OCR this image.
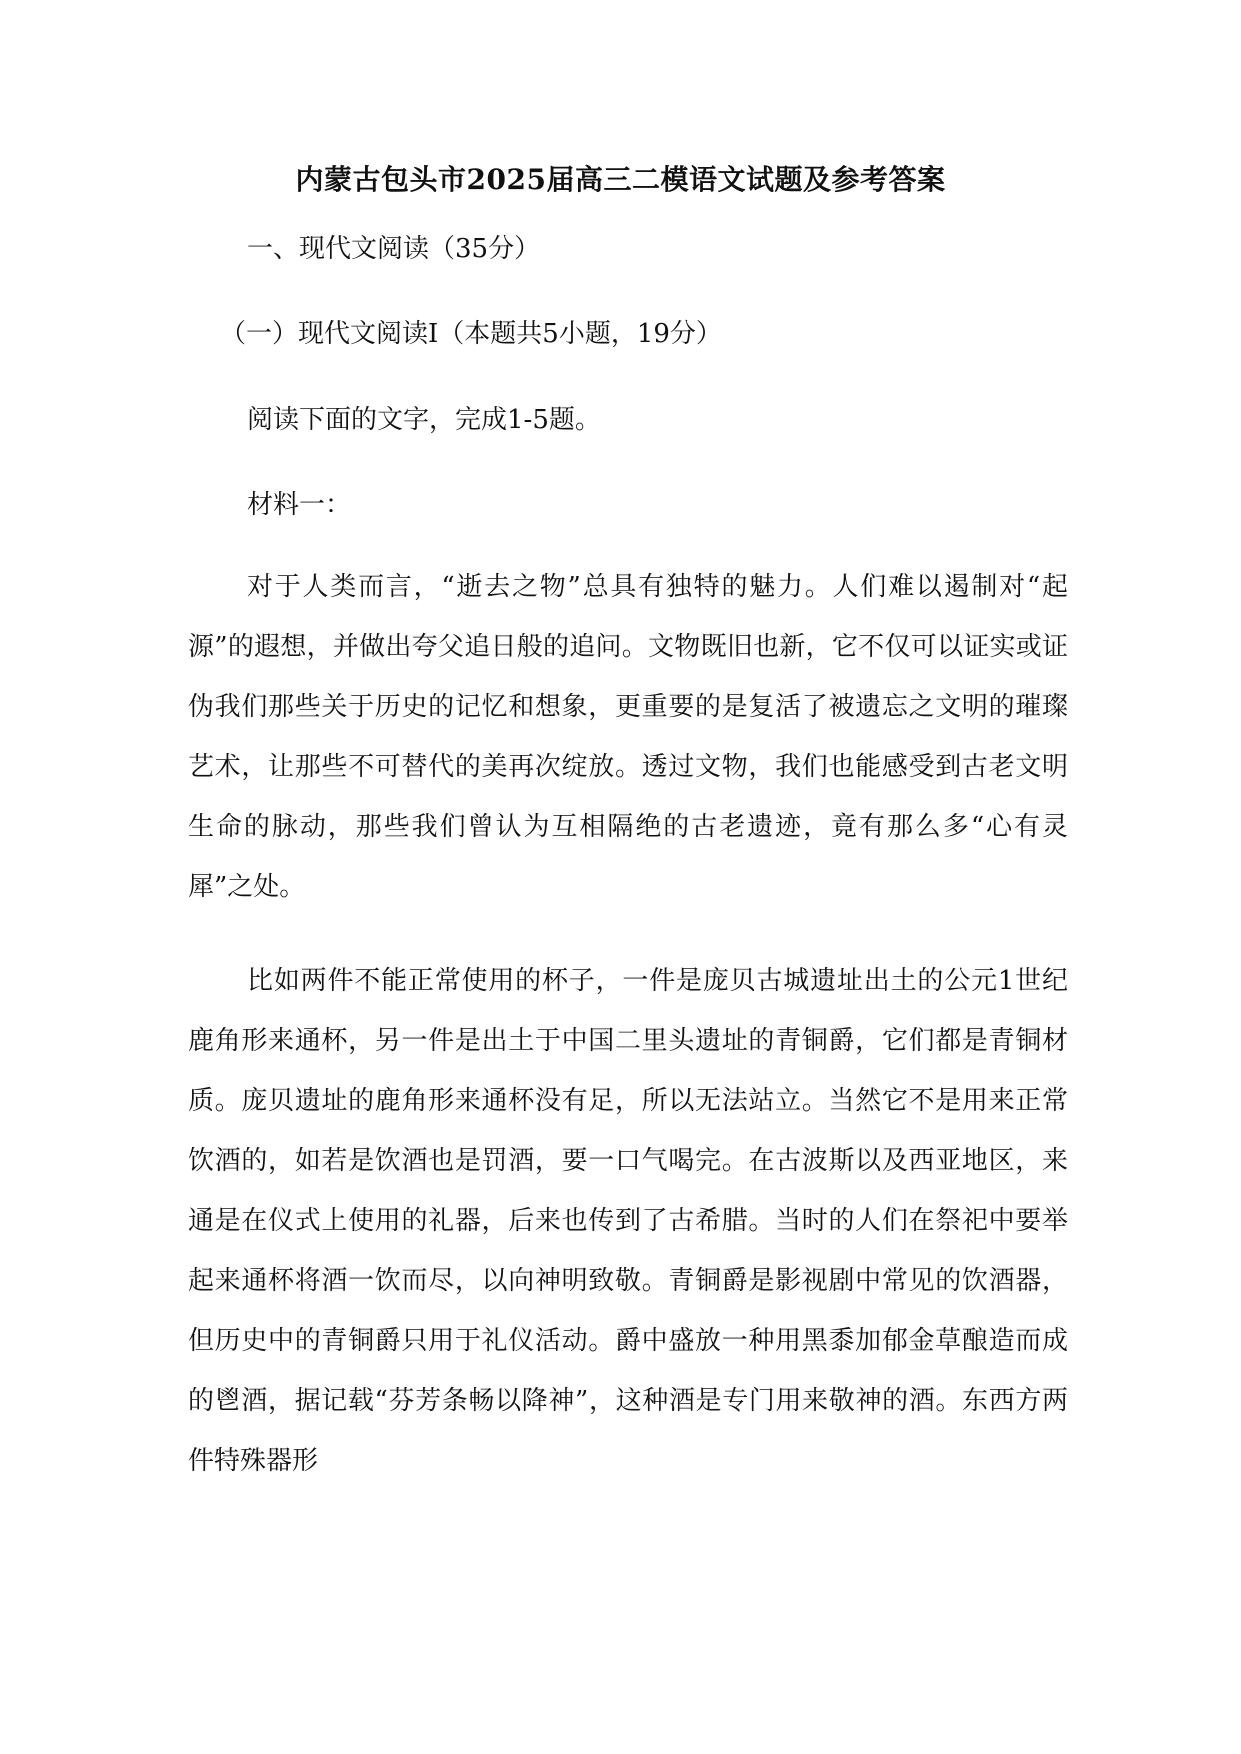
内蒙古包头市2025届高三二模语文试题及参考答案
一、现代文阅读（35分）
（一）现代文阅读Ⅰ（本题共5小题，19分）
阅读下面的文字，完成1-5题。
材料一：

对于人类而言，“逝去之物”总具有独特的魅力。人们难以遏制对“起源”的遐想，并做出夸父追日般的追问。文物既旧也新，它不仅可以证实或证伪我们那些关于历史的记忆和想象，更重要的是复活了被遗忘之文明的璀璨艺术，让那些不可替代的美再次绽放。透过文物，我们也能感受到古老文明生命的脉动，那些我们曾认为互相隔绝的古老遗迹，竟有那么多“心有灵犀”之处。

比如两件不能正常使用的杯子，一件是庞贝古城遗址出土的公元1世纪鹿角形来通杯，另一件是出土于中国二里头遗址的青铜爵，它们都是青铜材质。庞贝遗址的鹿角形来通杯没有足，所以无法站立。当然它不是用来正常饮酒的，如若是饮酒也是罚酒，要一口气喝完。在古波斯以及西亚地区，来通是在仪式上使用的礼器，后来也传到了古希腊。当时的人们在祭祀中要举起来通杯将酒一饮而尽，以向神明致敬。青铜爵是影视剧中常见的饮酒器，但历史中的青铜爵只用于礼仪活动。爵中盛放一种用黑黍加郁金草酿造而成的鬯酒，据记载“芬芳条畅以降神”，这种酒是专门用来敬神的酒。东西方两件特殊器形
